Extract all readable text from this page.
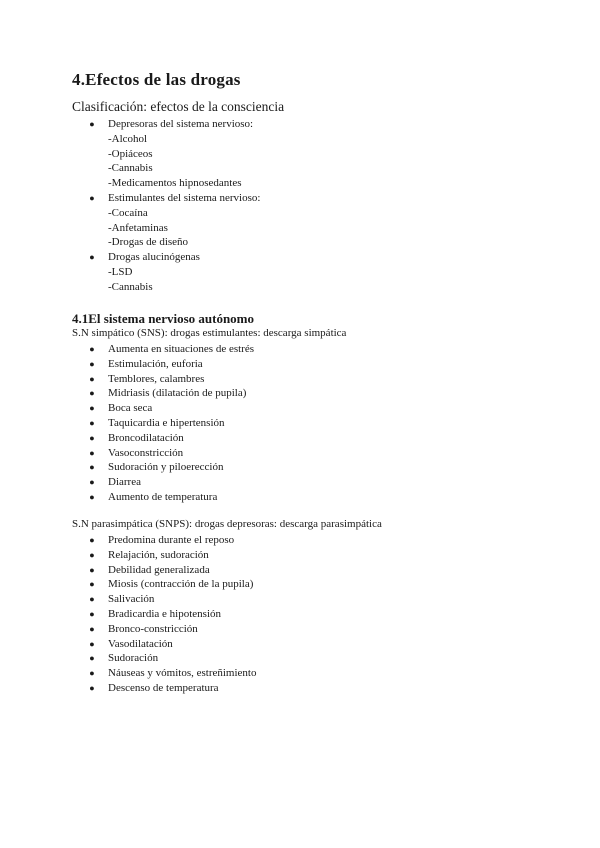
4.Efectos de las drogas
Clasificación: efectos de la consciencia
● Depresoras del sistema nervioso:
-Alcohol
-Opiáceos
-Cannabis
-Medicamentos hipnosedantes
● Estimulantes del sistema nervioso:
-Cocaína
-Anfetaminas
-Drogas de diseño
● Drogas alucinógenas
-LSD
-Cannabis
4.1El sistema nervioso autónomo
S.N simpático (SNS): drogas estimulantes: descarga simpática
● Aumenta en situaciones de estrés
● Estimulación, euforia
● Temblores, calambres
● Midriasis (dilatación de pupila)
● Boca seca
● Taquicardia e hipertensión
● Broncodilatación
● Vasoconstricción
● Sudoración y piloerección
● Diarrea
● Aumento de temperatura
S.N parasimpática (SNPS): drogas depresoras: descarga parasimpática
● Predomina durante el reposo
● Relajación, sudoración
● Debilidad generalizada
● Miosis (contracción de la pupila)
● Salivación
● Bradicardia e hipotensión
● Bronco-constricción
● Vasodilatación
● Sudoración
● Náuseas y vómitos, estreñimiento
● Descenso de temperatura
